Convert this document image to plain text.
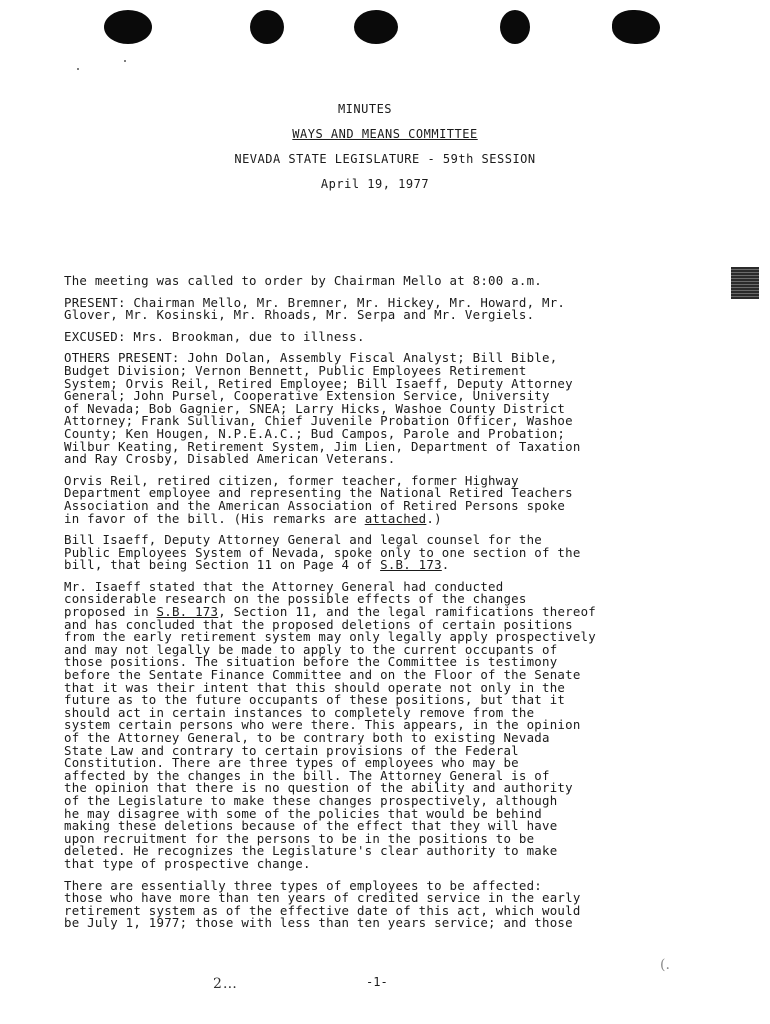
MINUTES
WAYS AND MEANS COMMITTEE
NEVADA STATE LEGISLATURE - 59th SESSION
April 19, 1977

The meeting was called to order by Chairman Mello at 8:00 a.m.

PRESENT: Chairman Mello, Mr. Bremner, Mr. Hickey, Mr. Howard, Mr.
Glover, Mr. Kosinski, Mr. Rhoads, Mr. Serpa and Mr. Vergiels.

EXCUSED: Mrs. Brookman, due to illness.

OTHERS PRESENT: John Dolan, Assembly Fiscal Analyst; Bill Bible,
Budget Division; Vernon Bennett, Public Employees Retirement
System; Orvis Reil, Retired Employee; Bill Isaeff, Deputy Attorney
General; John Pursel, Cooperative Extension Service, University
of Nevada; Bob Gagnier, SNEA; Larry Hicks, Washoe County District
Attorney; Frank Sullivan, Chief Juvenile Probation Officer, Washoe
County; Ken Hougen, N.P.E.A.C.; Bud Campos, Parole and Probation;
Wilbur Keating, Retirement System, Jim Lien, Department of Taxation
and Ray Crosby, Disabled American Veterans.

Orvis Reil, retired citizen, former teacher, former Highway
Department employee and representing the National Retired Teachers
Association and the American Association of Retired Persons spoke
in favor of the bill. (His remarks are attached.)

Bill Isaeff, Deputy Attorney General and legal counsel for the
Public Employees System of Nevada, spoke only to one section of the
bill, that being Section 11 on Page 4 of S.B. 173.

Mr. Isaeff stated that the Attorney General had conducted
considerable research on the possible effects of the changes
proposed in S.B. 173, Section 11, and the legal ramifications thereof
and has concluded that the proposed deletions of certain positions
from the early retirement system may only legally apply prospectively
and may not legally be made to apply to the current occupants of
those positions. The situation before the Committee is testimony
before the Sentate Finance Committee and on the Floor of the Senate
that it was their intent that this should operate not only in the
future as to the future occupants of these positions, but that it
should act in certain instances to completely remove from the
system certain persons who were there. This appears, in the opinion
of the Attorney General, to be contrary both to existing Nevada
State Law and contrary to certain provisions of the Federal
Constitution. There are three types of employees who may be
affected by the changes in the bill. The Attorney General is of
the opinion that there is no question of the ability and authority
of the Legislature to make these changes prospectively, although
he may disagree with some of the policies that would be behind
making these deletions because of the effect that they will have
upon recruitment for the persons to be in the positions to be
deleted. He recognizes the Legislature's clear authority to make
that type of prospective change.

There are essentially three types of employees to be affected:
those who have more than ten years of credited service in the early
retirement system as of the effective date of this act, which would
be July 1, 1977; those with less than ten years service; and those

2…	-1-
(.
